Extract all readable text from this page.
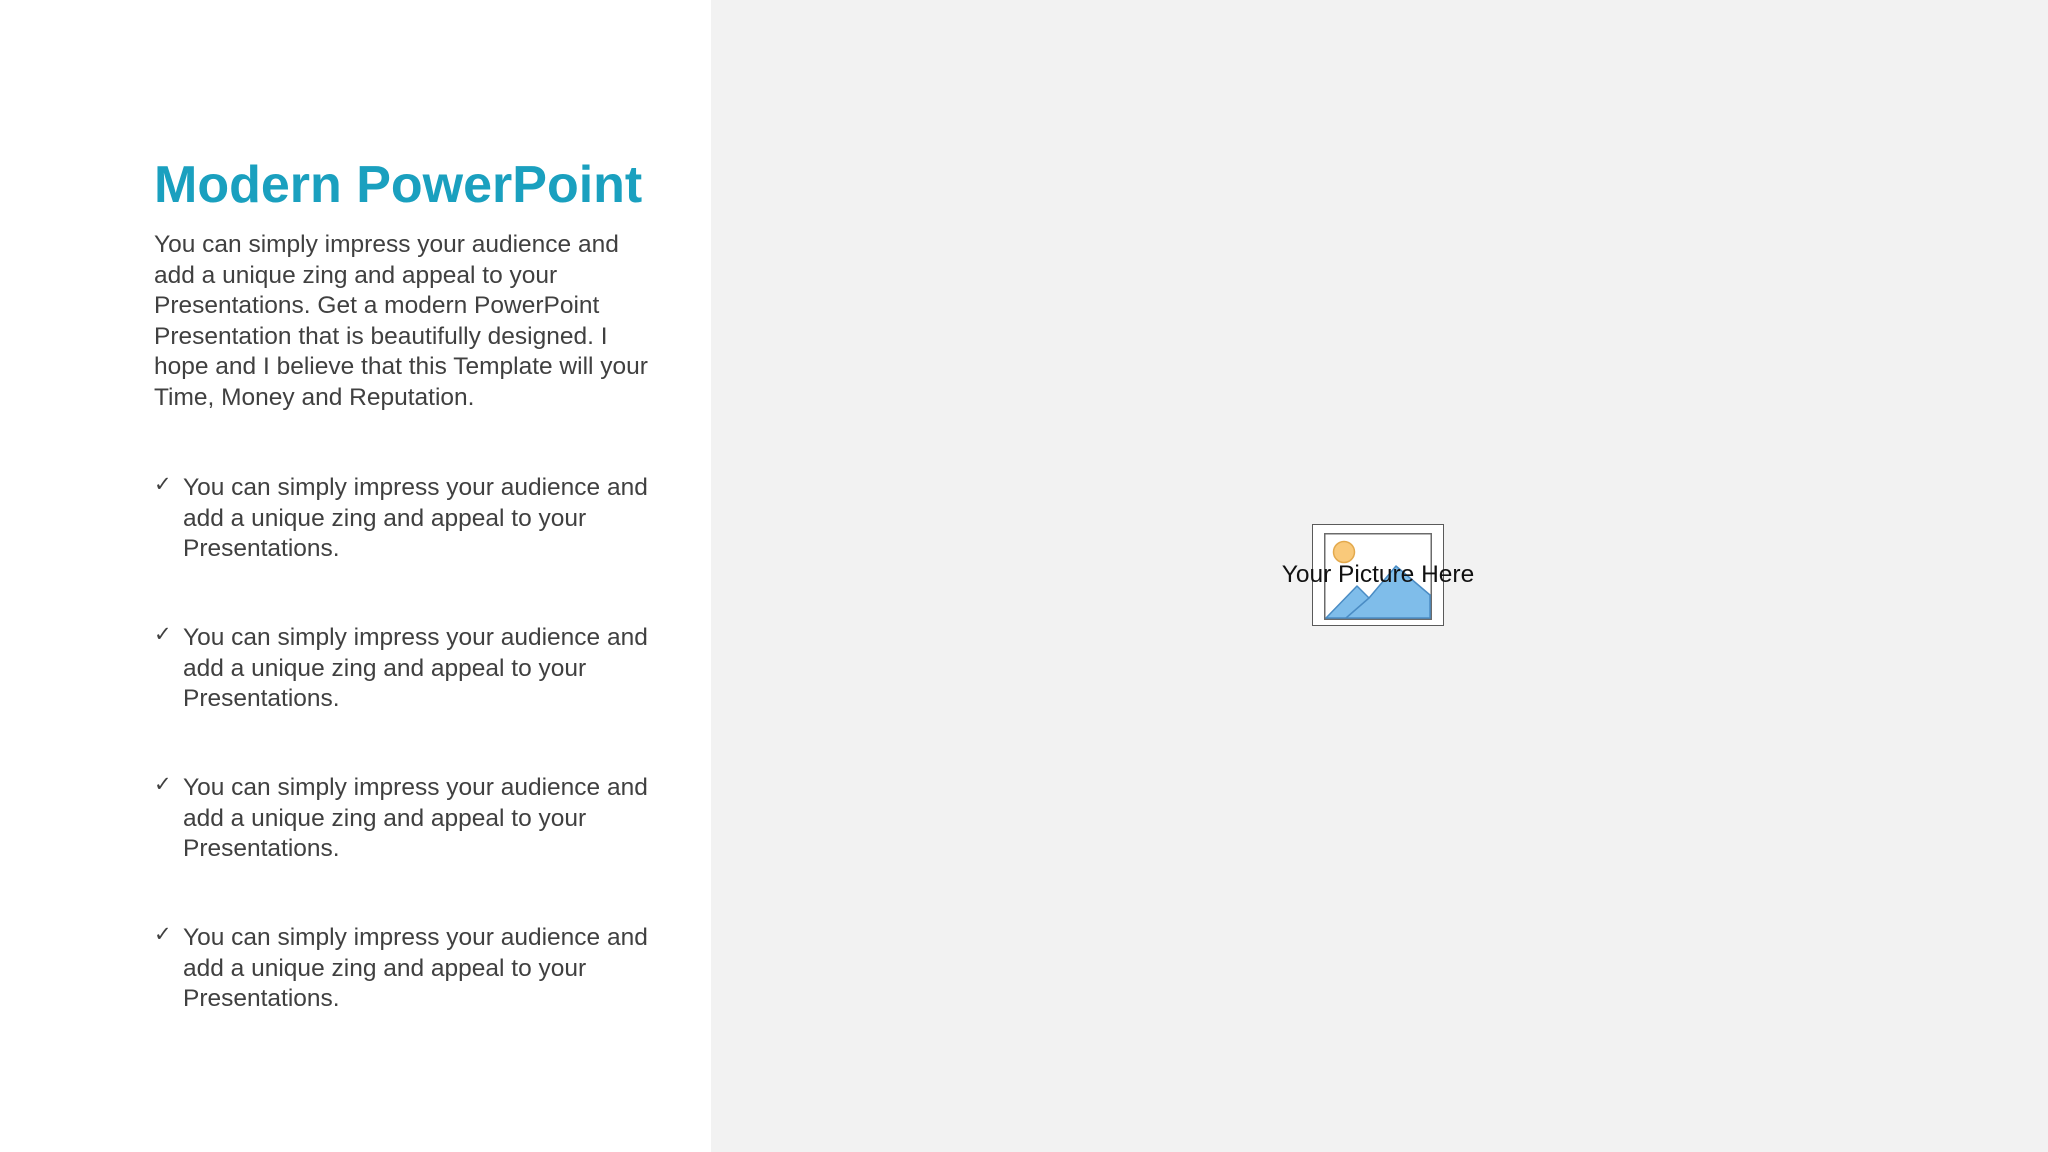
Modern PowerPoint

You can simply impress your audience and add a unique zing and appeal to your Presentations. Get a modern PowerPoint Presentation that is beautifully designed. I hope and I believe that this Template will your Time, Money and Reputation.

✓ You can simply impress your audience and add a unique zing and appeal to your Presentations.
✓ You can simply impress your audience and add a unique zing and appeal to your Presentations.
✓ You can simply impress your audience and add a unique zing and appeal to your Presentations.
✓ You can simply impress your audience and add a unique zing and appeal to your Presentations.
Your Picture Here
